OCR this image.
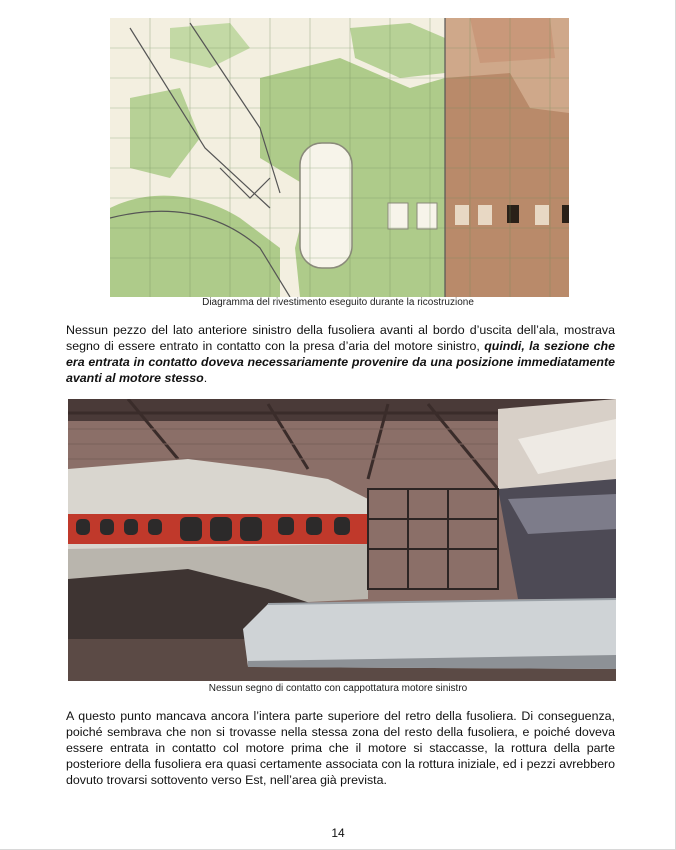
Diagramma del rivestimento eseguito durante la ricostruzione
Nessun pezzo del lato anteriore sinistro della fusoliera avanti al bordo d’uscita dell’ala, mostrava segno di essere entrato in contatto con la presa d’aria del motore sinistro, quindi, la sezione che era entrata in contatto doveva necessariamente provenire da una posizione immediatamente avanti al motore stesso.
Nessun segno di contatto con cappottatura motore sinistro
A questo punto mancava ancora l’intera parte superiore del retro della fusoliera. Di conseguenza, poiché sembrava che non si trovasse nella stessa zona del resto della fusoliera, e poiché doveva essere entrata in contatto col motore prima che il motore si staccasse, la rottura della parte posteriore della fusoliera era quasi certamente associata con la rottura iniziale, ed i pezzi avrebbero dovuto trovarsi sottovento verso Est, nell’area già prevista.
14
